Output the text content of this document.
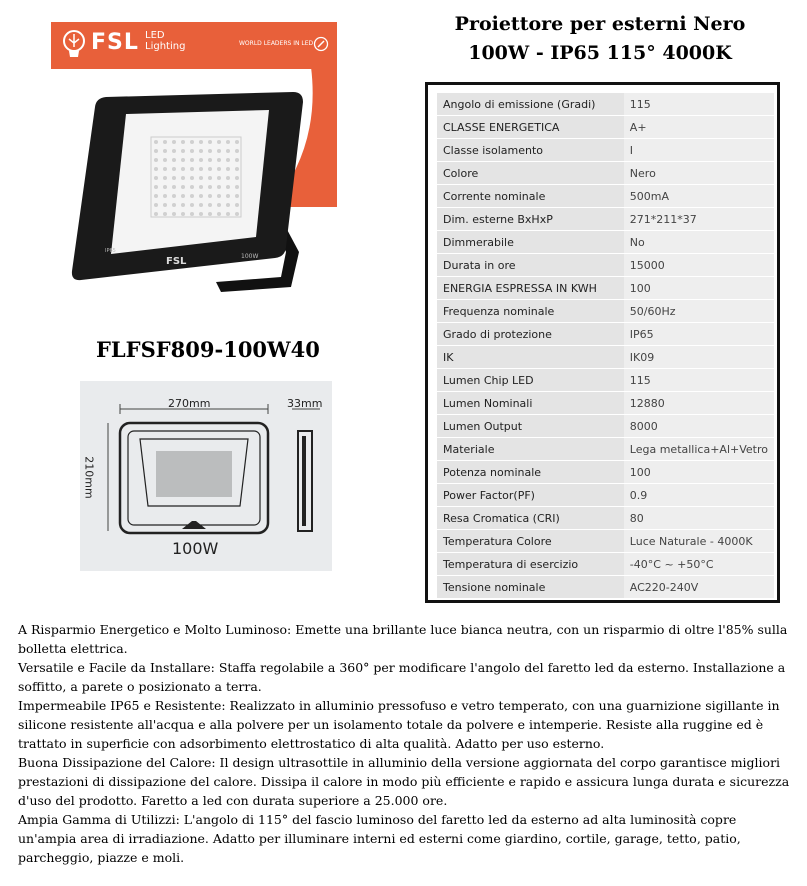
FSL LED
Lighting	WORLD LEADERS IN LED
IP65
FSL	100W
FLFSF809-100W40
270mm	33mm
210mm
100W
Proiettore per esterni Nero
100W - IP65 115° 4000K
Angolo di emissione (Gradi)	115
CLASSE ENERGETICA	A+
Classe isolamento	I
Colore	Nero
Corrente nominale	500mA
Dim. esterne BxHxP	271*211*37
Dimmerabile	No
Durata in ore	15000
ENERGIA ESPRESSA IN KWH	100
Frequenza nominale	50/60Hz
Grado di protezione	IP65
IK	IK09
Lumen Chip LED	115
Lumen Nominali	12880
Lumen Output	8000
Materiale	Lega metallica+Al+Vetro
Potenza nominale	100
Power Factor(PF)	0.9
Resa Cromatica (CRI)	80
Temperatura Colore	Luce Naturale - 4000K
Temperatura di esercizio	-40°C ~ +50°C
Tensione nominale	AC220-240V

A Risparmio Energetico e Molto Luminoso: Emette una brillante luce bianca neutra, con un risparmio di oltre l'85% sulla bolletta elettrica.

Versatile e Facile da Installare: Staffa regolabile a 360° per modificare l'angolo del faretto led da esterno. Installazione a soffitto, a parete o posizionato a terra.

Impermeabile IP65 e Resistente: Realizzato in alluminio pressofuso e vetro temperato, con una guarnizione sigillante in silicone resistente all'acqua e alla polvere per un isolamento totale da polvere e intemperie. Resiste alla ruggine ed è trattato in superficie con adsorbimento elettrostatico di alta qualità. Adatto per uso esterno.

Buona Dissipazione del Calore: Il design ultrasottile in alluminio della versione aggiornata del corpo garantisce migliori prestazioni di dissipazione del calore. Dissipa il calore in modo più efficiente e rapido e assicura lunga durata e sicurezza d'uso del prodotto. Faretto a led con durata superiore a 25.000 ore.

Ampia Gamma di Utilizzi: L'angolo di 115° del fascio luminoso del faretto led da esterno ad alta luminosità copre un'ampia area di irradiazione. Adatto per illuminare interni ed esterni come giardino, cortile, garage, tetto, patio, parcheggio, piazze e moli.
